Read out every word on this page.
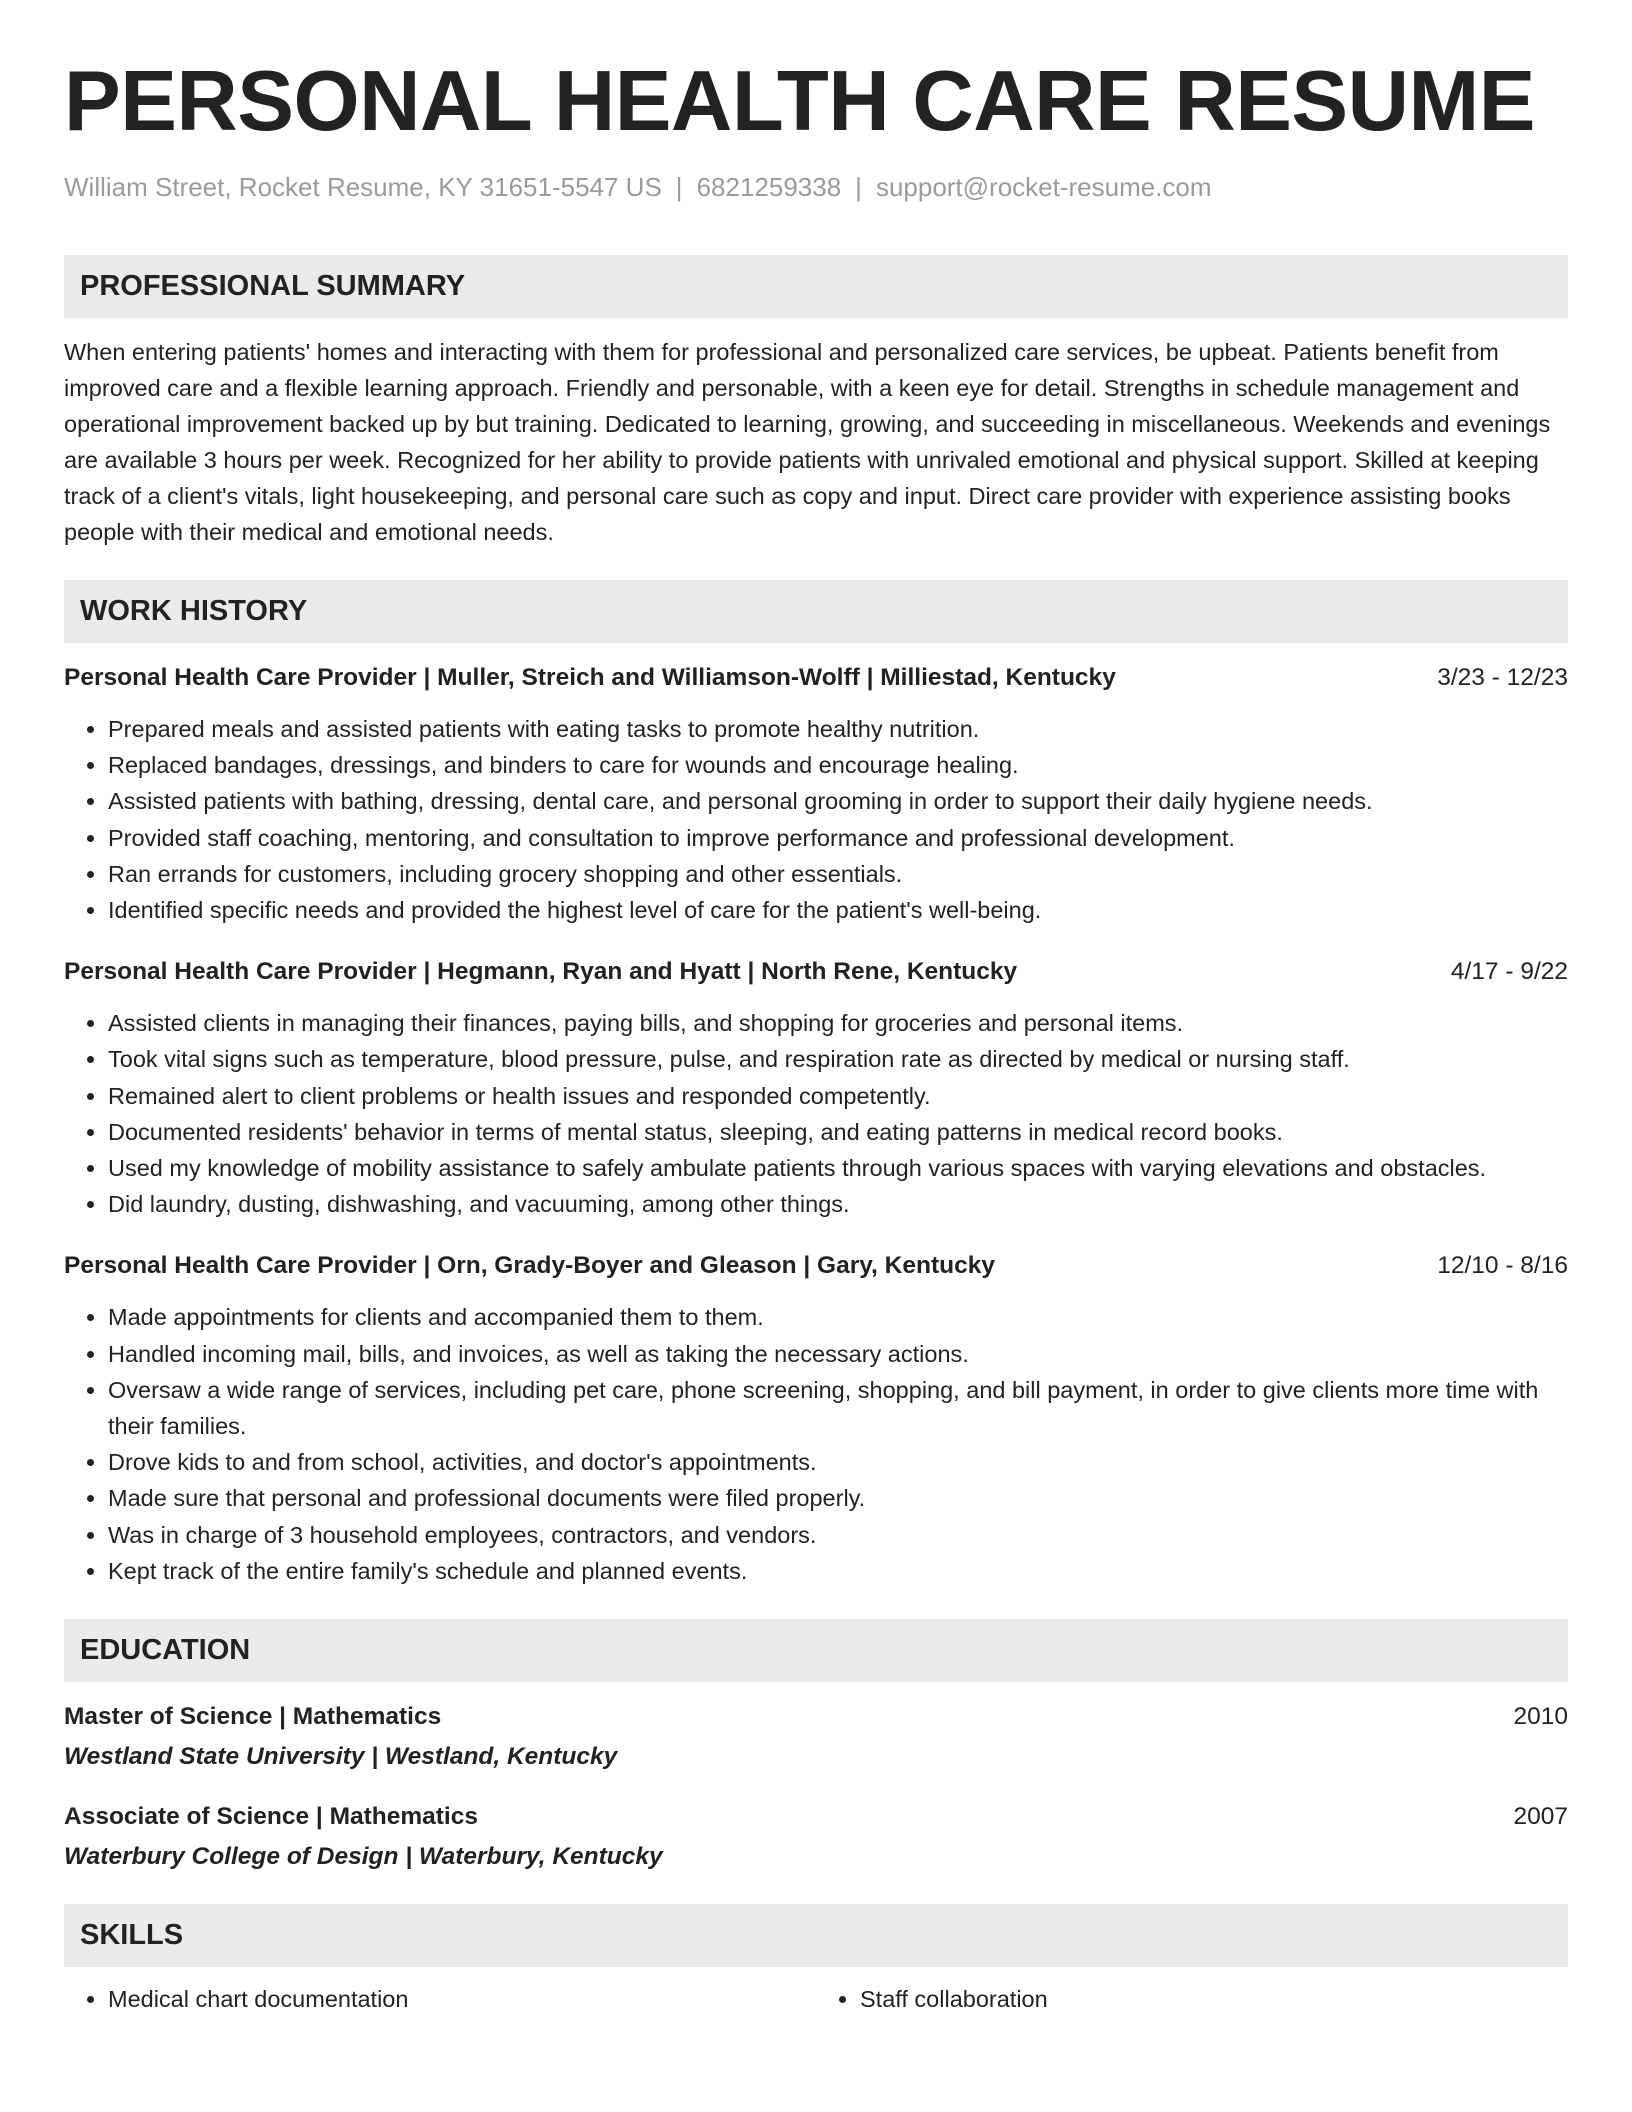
PERSONAL HEALTH CARE RESUME
William Street, Rocket Resume, KY 31651-5547 US | 6821259338 | support@rocket-resume.com
PROFESSIONAL SUMMARY

When entering patients' homes and interacting with them for professional and personalized care services, be upbeat. Patients benefit from improved care and a flexible learning approach. Friendly and personable, with a keen eye for detail. Strengths in schedule management and operational improvement backed up by but training. Dedicated to learning, growing, and succeeding in miscellaneous. Weekends and evenings are available 3 hours per week. Recognized for her ability to provide patients with unrivaled emotional and physical support. Skilled at keeping track of a client's vitals, light housekeeping, and personal care such as copy and input. Direct care provider with experience assisting books people with their medical and emotional needs.

WORK HISTORY
Personal Health Care Provider | Muller, Streich and Williamson-Wolff | Milliestad, Kentucky	3/23 - 12/23
• Prepared meals and assisted patients with eating tasks to promote healthy nutrition.
• Replaced bandages, dressings, and binders to care for wounds and encourage healing.
• Assisted patients with bathing, dressing, dental care, and personal grooming in order to support their daily hygiene needs.
• Provided staff coaching, mentoring, and consultation to improve performance and professional development.
• Ran errands for customers, including grocery shopping and other essentials.
• Identified specific needs and provided the highest level of care for the patient's well-being.
Personal Health Care Provider | Hegmann, Ryan and Hyatt | North Rene, Kentucky	4/17 - 9/22
• Assisted clients in managing their finances, paying bills, and shopping for groceries and personal items.
• Took vital signs such as temperature, blood pressure, pulse, and respiration rate as directed by medical or nursing staff.
• Remained alert to client problems or health issues and responded competently.
• Documented residents' behavior in terms of mental status, sleeping, and eating patterns in medical record books.
• Used my knowledge of mobility assistance to safely ambulate patients through various spaces with varying elevations and obstacles.
• Did laundry, dusting, dishwashing, and vacuuming, among other things.
Personal Health Care Provider | Orn, Grady-Boyer and Gleason | Gary, Kentucky	12/10 - 8/16
• Made appointments for clients and accompanied them to them.
• Handled incoming mail, bills, and invoices, as well as taking the necessary actions.
• Oversaw a wide range of services, including pet care, phone screening, shopping, and bill payment, in order to give clients more time with their families.
• Drove kids to and from school, activities, and doctor's appointments.
• Made sure that personal and professional documents were filed properly.
• Was in charge of 3 household employees, contractors, and vendors.
• Kept track of the entire family's schedule and planned events.
EDUCATION
Master of Science | Mathematics	2010
Westland State University | Westland, Kentucky
Associate of Science | Mathematics	2007
Waterbury College of Design | Waterbury, Kentucky
SKILLS
• Medical chart documentation
•	Staff collaboration
